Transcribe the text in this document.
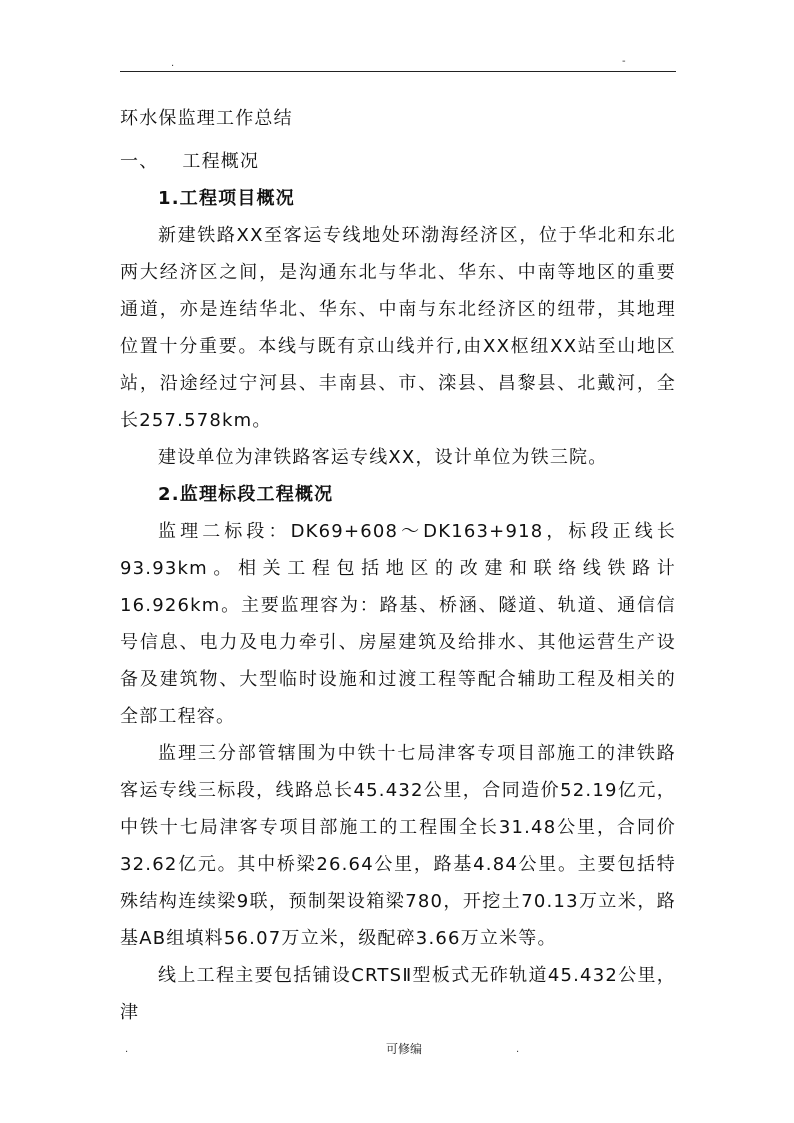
.	-

环水保监理工作总结

一、 工程概况

1.工程项目概况

新建铁路XX至客运专线地处环渤海经济区，位于华北和东北两大经济区之间，是沟通东北与华北、华东、中南等地区的重要通道，亦是连结华北、华东、中南与东北经济区的纽带，其地理位置十分重要。本线与既有京山线并行,由XX枢纽XX站至山地区站，沿途经过宁河县、丰南县、市、滦县、昌黎县、北戴河，全长257.578km。

建设单位为津铁路客运专线XX，设计单位为铁三院。

2.监理标段工程概况

监理二标段：DK69+608～DK163+918，标段正线长93.93km。相关工程包括地区的改建和联络线铁路计16.926km。主要监理容为：路基、桥涵、隧道、轨道、通信信号信息、电力及电力牵引、房屋建筑及给排水、其他运营生产设备及建筑物、大型临时设施和过渡工程等配合辅助工程及相关的全部工程容。

监理三分部管辖围为中铁十七局津客专项目部施工的津铁路客运专线三标段，线路总长45.432公里，合同造价52.19亿元，中铁十七局津客专项目部施工的工程围全长31.48公里，合同价32.62亿元。其中桥梁26.64公里，路基4.84公里。主要包括特殊结构连续梁9联，预制架设箱梁780，开挖土70.13万立米，路基AB组填料56.07万立米，级配碎3.66万立米等。

线上工程主要包括铺设CRTSⅡ型板式无砟轨道45.432公里，津

.	可修编	.
